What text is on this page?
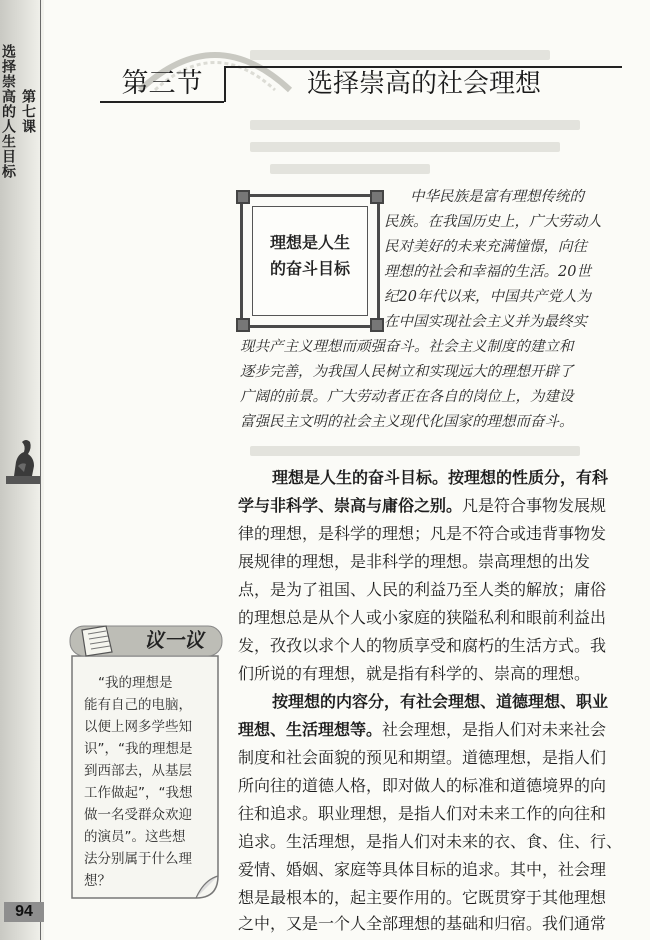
第七课
选择崇高的人生目标
94
第三节	选择崇高的社会理想
理想是人生
的奋斗目标
中华民族是富有理想传统的
民族。在我国历史上，广大劳动人
民对美好的未来充满憧憬，向往
理想的社会和幸福的生活。20世
纪20年代以来，中国共产党人为
在中国实现社会主义并为最终实
现共产主义理想而顽强奋斗。社会主义制度的建立和
逐步完善，为我国人民树立和实现远大的理想开辟了
广阔的前景。广大劳动者正在各自的岗位上，为建设
富强民主文明的社会主义现代化国家的理想而奋斗。
理想是人生的奋斗目标。按理想的性质分，有科
学与非科学、崇高与庸俗之别。凡是符合事物发展规
律的理想，是科学的理想；凡是不符合或违背事物发
展规律的理想，是非科学的理想。崇高理想的出发
点，是为了祖国、人民的利益乃至人类的解放；庸俗
的理想总是从个人或小家庭的狭隘私利和眼前利益出
发，孜孜以求个人的物质享受和腐朽的生活方式。我
们所说的有理想，就是指有科学的、崇高的理想。
按理想的内容分，有社会理想、道德理想、职业
理想、生活理想等。社会理想，是指人们对未来社会
制度和社会面貌的预见和期望。道德理想，是指人们
所向往的道德人格，即对做人的标准和道德境界的向
往和追求。职业理想，是指人们对未来工作的向往和
追求。生活理想，是指人们对未来的衣、食、住、行、
爱情、婚姻、家庭等具体目标的追求。其中，社会理
想是最根本的，起主要作用的。它既贯穿于其他理想
之中，又是一个人全部理想的基础和归宿。我们通常
议一议
“我的理想是
能有自己的电脑，
以便上网多学些知
识”，“我的理想是
到西部去，从基层
工作做起”，“我想
做一名受群众欢迎
的演员”。这些想
法分别属于什么理
想？
